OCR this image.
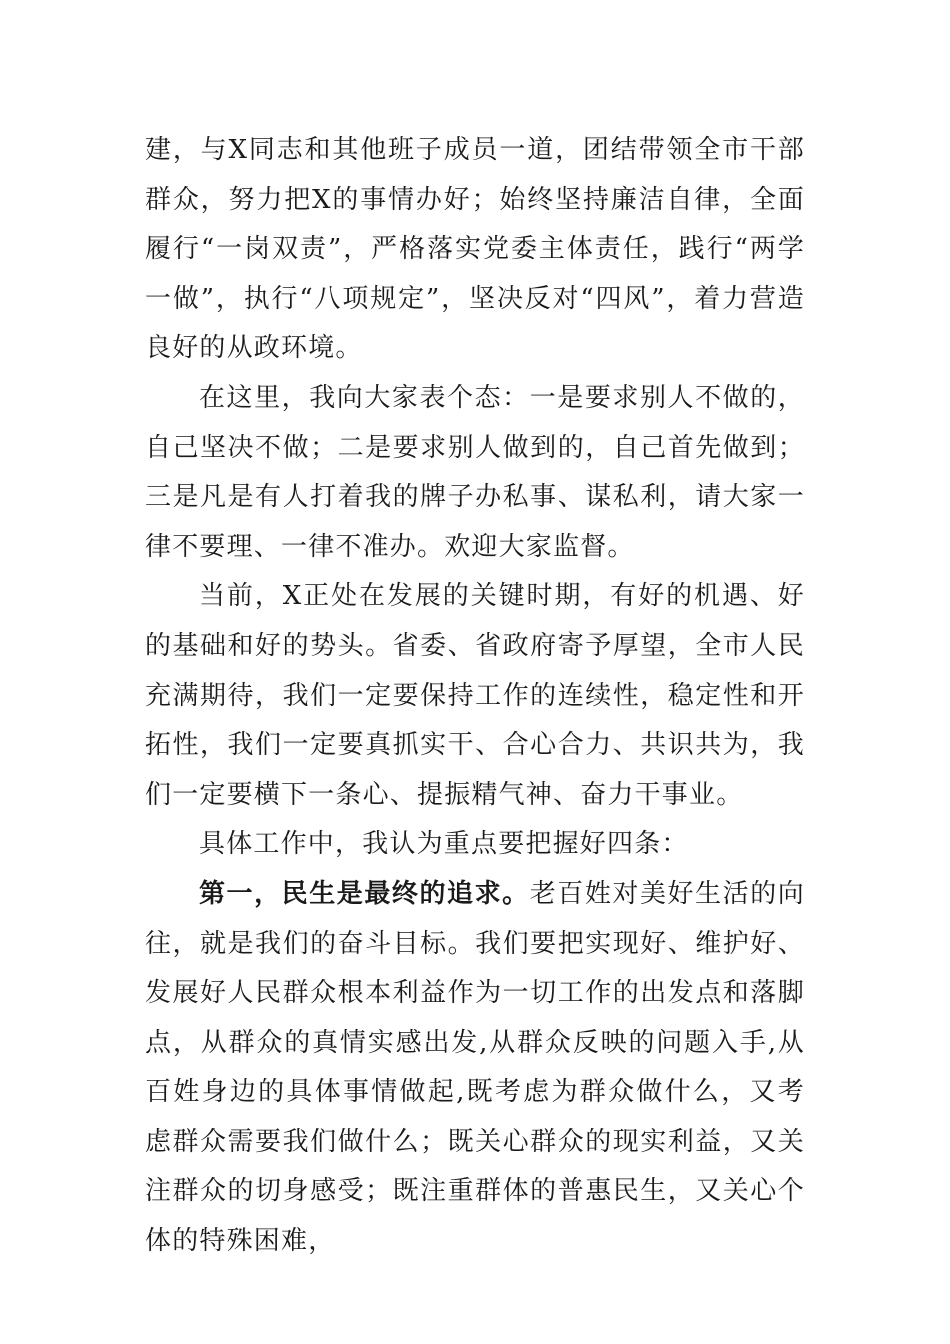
建，与X同志和其他班子成员一道，团结带领全市干部群众，努力把X的事情办好；始终坚持廉洁自律，全面履行“一岗双责”，严格落实党委主体责任，践行“两学一做”，执行“八项规定”，坚决反对“四风”，着力营造良好的从政环境。

在这里，我向大家表个态：一是要求别人不做的，自己坚决不做；二是要求别人做到的，自己首先做到；三是凡是有人打着我的牌子办私事、谋私利，请大家一律不要理、一律不准办。欢迎大家监督。

当前，X正处在发展的关键时期，有好的机遇、好的基础和好的势头。省委、省政府寄予厚望，全市人民充满期待，我们一定要保持工作的连续性，稳定性和开拓性，我们一定要真抓实干、合心合力、共识共为，我们一定要横下一条心、提振精气神、奋力干事业。

具体工作中，我认为重点要把握好四条：

第一，民生是最终的追求。老百姓对美好生活的向往，就是我们的奋斗目标。我们要把实现好、维护好、发展好人民群众根本利益作为一切工作的出发点和落脚点，从群众的真情实感出发,从群众反映的问题入手,从百姓身边的具体事情做起,既考虑为群众做什么，又考虑群众需要我们做什么；既关心群众的现实利益，又关注群众的切身感受；既注重群体的普惠民生，又关心个体的特殊困难，
